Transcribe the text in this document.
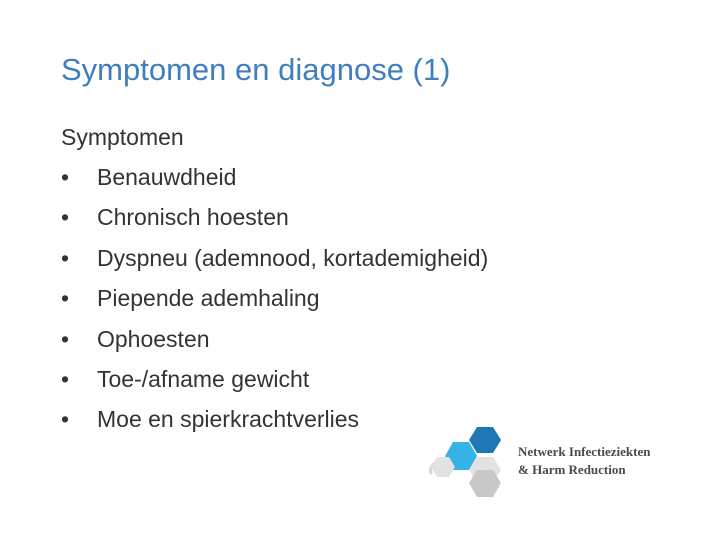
Symptomen en diagnose (1)
Symptomen
•	Benauwdheid
•	Chronisch hoesten
•	Dyspneu (ademnood, kortademigheid)
•	Piepende ademhaling
•	Ophoesten
•	Toe-/afname gewicht
•	Moe en spierkrachtverlies
Netwerk Infectieziekten
& Harm Reduction
